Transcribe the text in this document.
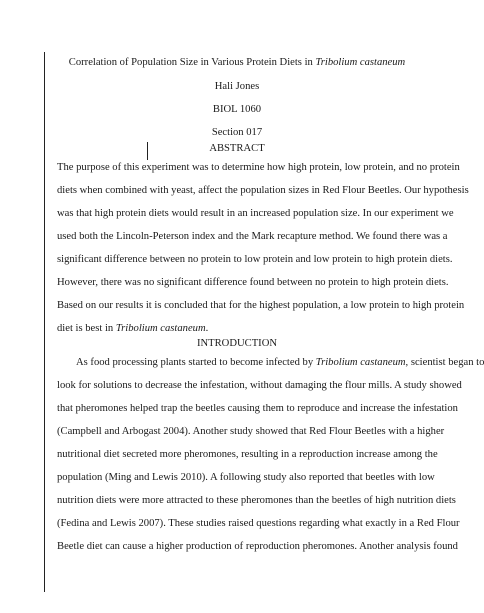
Correlation of Population Size in Various Protein Diets in Tribolium castaneum
Hali Jones
BIOL 1060
Section 017
ABSTRACT
The purpose of this experiment was to determine how high protein, low protein, and no protein
diets when combined with yeast, affect the population sizes in Red Flour Beetles. Our hypothesis
was that high protein diets would result in an increased population size. In our experiment we
used both the Lincoln-Peterson index and the Mark recapture method. We found there was a
significant difference between no protein to low protein and low protein to high protein diets.
However, there was no significant difference found between no protein to high protein diets.
Based on our results it is concluded that for the highest population, a low protein to high protein
diet is best in Tribolium castaneum.
INTRODUCTION
As food processing plants started to become infected by Tribolium castaneum, scientist began to
look for solutions to decrease the infestation, without damaging the flour mills. A study showed
that pheromones helped trap the beetles causing them to reproduce and increase the infestation
(Campbell and Arbogast 2004). Another study showed that Red Flour Beetles with a higher
nutritional diet secreted more pheromones, resulting in a reproduction increase among the
population (Ming and Lewis 2010). A following study also reported that beetles with low
nutrition diets were more attracted to these pheromones than the beetles of high nutrition diets
(Fedina and Lewis 2007). These studies raised questions regarding what exactly in a Red Flour
Beetle diet can cause a higher production of reproduction pheromones. Another analysis found
